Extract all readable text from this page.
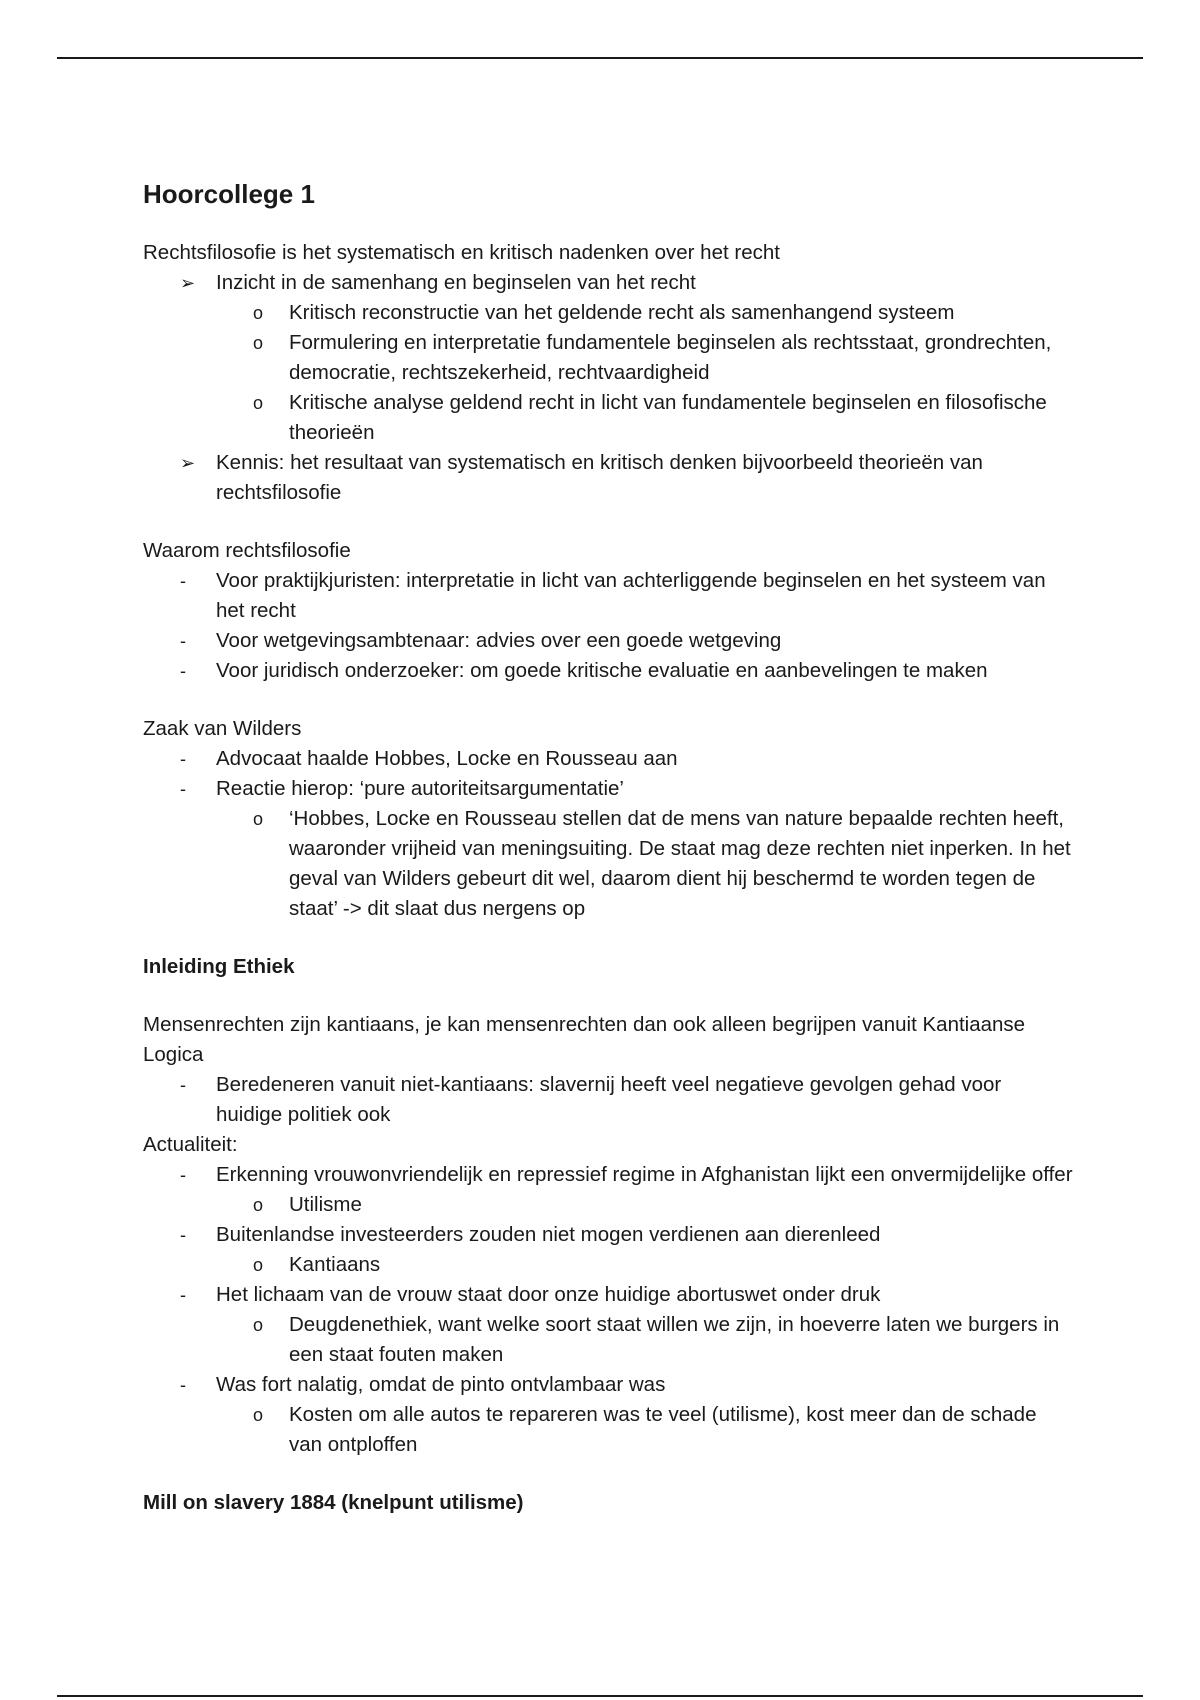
Hoorcollege 1

Rechtsfilosofie is het systematisch en kritisch nadenken over het recht

➢ Inzicht in de samenhang en beginselen van het recht
o Kritisch reconstructie van het geldende recht als samenhangend systeem
o Formulering en interpretatie fundamentele beginselen als rechtsstaat, grondrechten, democratie, rechtszekerheid, rechtvaardigheid
o Kritische analyse geldend recht in licht van fundamentele beginselen en filosofische theorieën
➢ Kennis: het resultaat van systematisch en kritisch denken bijvoorbeeld theorieën van rechtsfilosofie

Waarom rechtsfilosofie

- Voor praktijkjuristen: interpretatie in licht van achterliggende beginselen en het systeem van het recht
- Voor wetgevingsambtenaar: advies over een goede wetgeving
- Voor juridisch onderzoeker: om goede kritische evaluatie en aanbevelingen te maken

Zaak van Wilders

- Advocaat haalde Hobbes, Locke en Rousseau aan
- Reactie hierop: ‘pure autoriteitsargumentatie’
o ‘Hobbes, Locke en Rousseau stellen dat de mens van nature bepaalde rechten heeft, waaronder vrijheid van meningsuiting. De staat mag deze rechten niet inperken. In het geval van Wilders gebeurt dit wel, daarom dient hij beschermd te worden tegen de staat’ -> dit slaat dus nergens op

Inleiding Ethiek

Mensenrechten zijn kantiaans, je kan mensenrechten dan ook alleen begrijpen vanuit Kantiaanse Logica

- Beredeneren vanuit niet-kantiaans: slavernij heeft veel negatieve gevolgen gehad voor huidige politiek ook

Actualiteit:

- Erkenning vrouwonvriendelijk en repressief regime in Afghanistan lijkt een onvermijdelijke offer
o Utilisme
- Buitenlandse investeerders zouden niet mogen verdienen aan dierenleed
o Kantiaans
- Het lichaam van de vrouw staat door onze huidige abortuswet onder druk
o Deugdenethiek, want welke soort staat willen we zijn, in hoeverre laten we burgers in een staat fouten maken
- Was fort nalatig, omdat de pinto ontvlambaar was
o Kosten om alle autos te repareren was te veel (utilisme), kost meer dan de schade van ontploffen

Mill on slavery 1884 (knelpunt utilisme)
